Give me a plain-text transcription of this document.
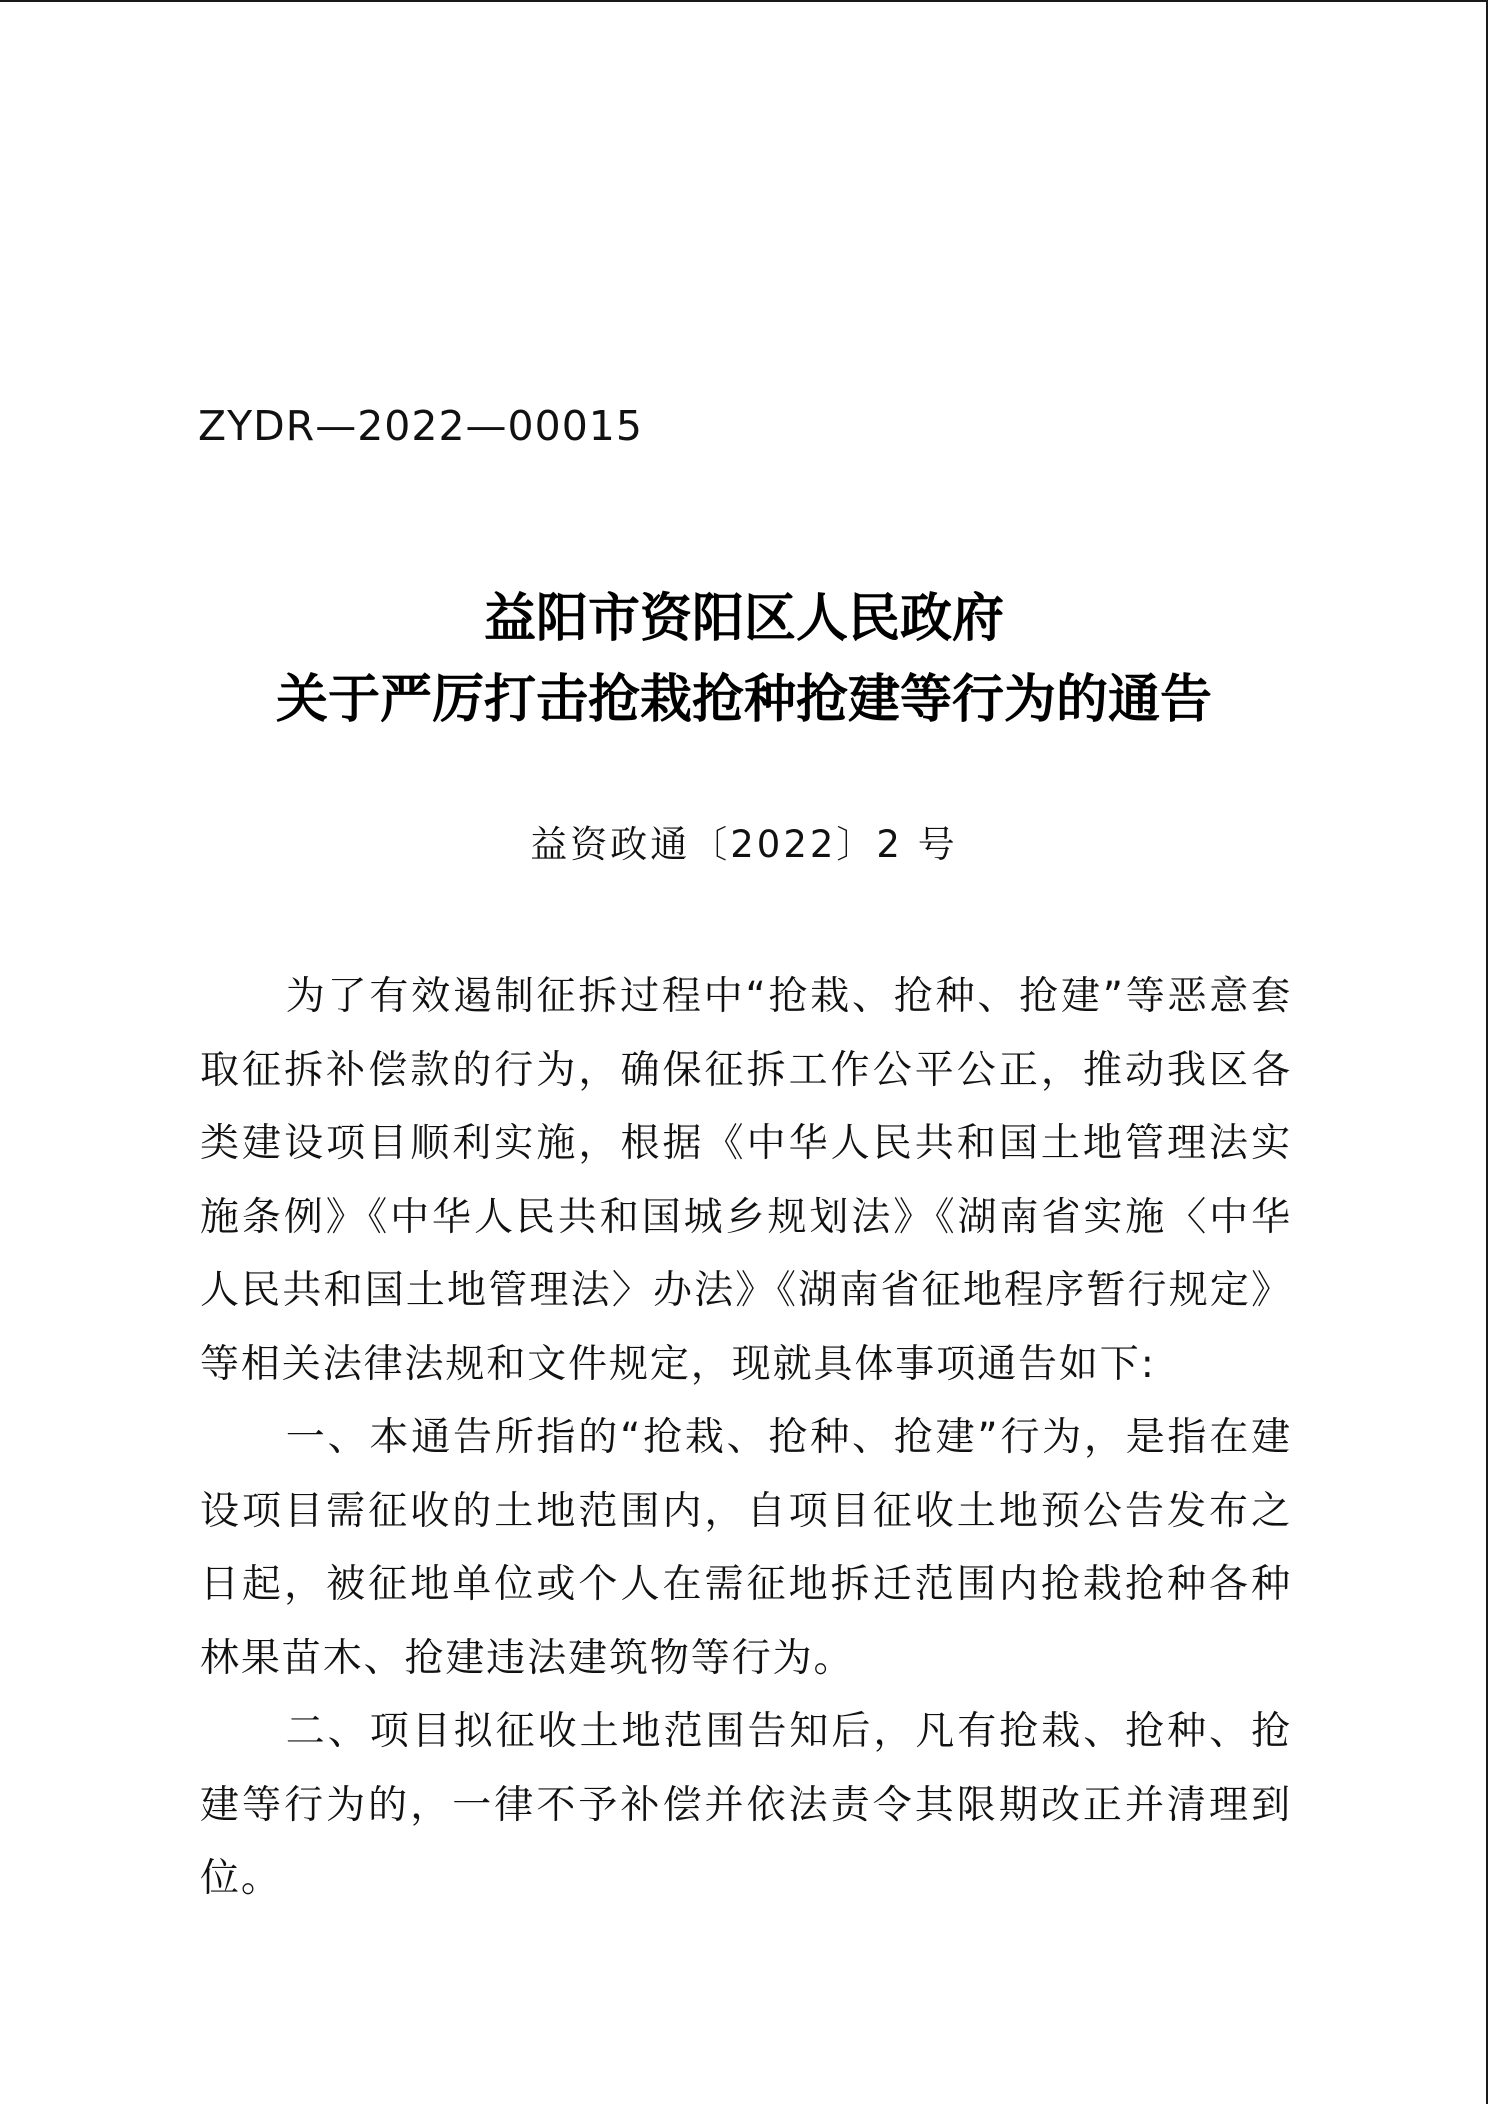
ZYDR—2022—00015
益阳市资阳区人民政府
关于严厉打击抢栽抢种抢建等行为的通告
益资政通〔2022〕2 号

为了有效遏制征拆过程中“抢栽、抢种、抢建”等恶意套取征拆补偿款的行为，确保征拆工作公平公正，推动我区各类建设项目顺利实施，根据《中华人民共和国土地管理法实施条例》《中华人民共和国城乡规划法》《湖南省实施〈中华人民共和国土地管理法〉办法》《湖南省征地程序暂行规定》等相关法律法规和文件规定，现就具体事项通告如下:

一、本通告所指的“抢栽、抢种、抢建”行为，是指在建设项目需征收的土地范围内，自项目征收土地预公告发布之日起，被征地单位或个人在需征地拆迁范围内抢栽抢种各种林果苗木、抢建违法建筑物等行为。

二、项目拟征收土地范围告知后，凡有抢栽、抢种、抢建等行为的，一律不予补偿并依法责令其限期改正并清理到位。
